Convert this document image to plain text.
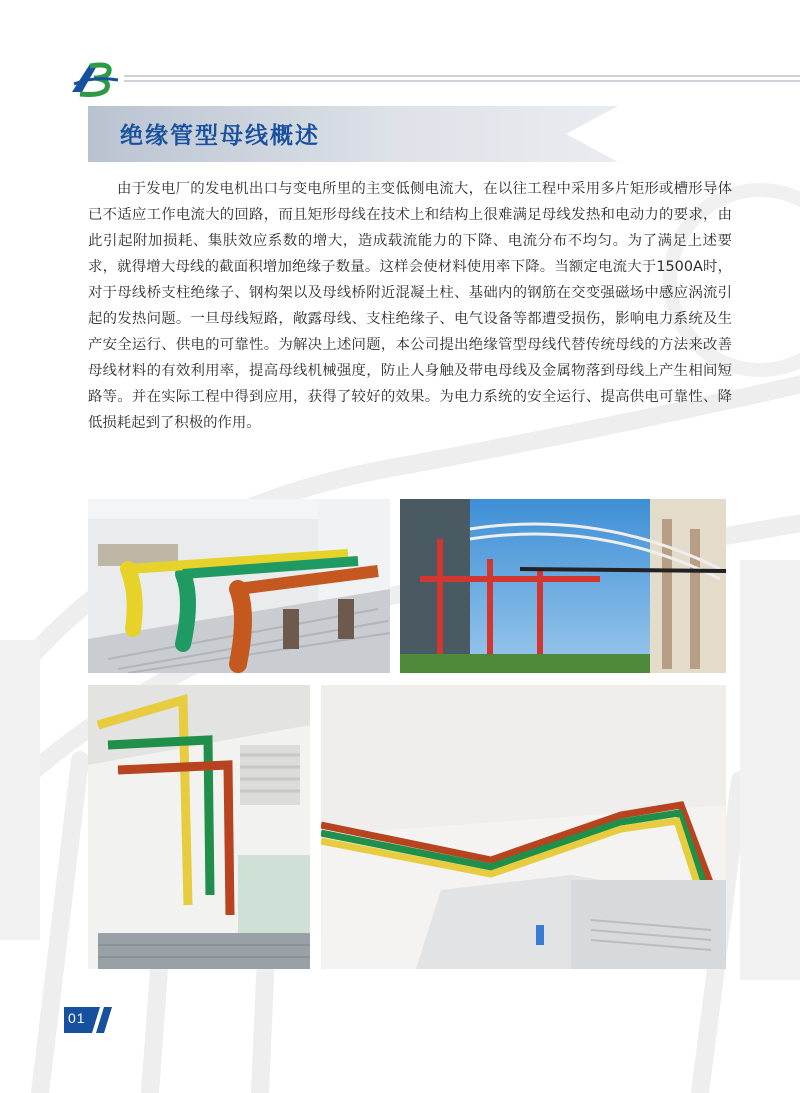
绝缘管型母线概述

由于发电厂的发电机出口与变电所里的主变低侧电流大，在以往工程中采用多片矩形或槽形导体已不适应工作电流大的回路，而且矩形母线在技术上和结构上很难满足母线发热和电动力的要求，由此引起附加损耗、集肤效应系数的增大，造成载流能力的下降、电流分布不均匀。为了满足上述要求，就得增大母线的截面积增加绝缘子数量。这样会使材料使用率下降。当额定电流大于1500A时，对于母线桥支柱绝缘子、钢构架以及母线桥附近混凝土柱、基础内的钢筋在交变强磁场中感应涡流引起的发热问题。一旦母线短路，敞露母线、支柱绝缘子、电气设备等都遭受损伤，影响电力系统及生产安全运行、供电的可靠性。为解决上述问题，本公司提出绝缘管型母线代替传统母线的方法来改善母线材料的有效利用率，提高母线机械强度，防止人身触及带电母线及金属物落到母线上产生相间短路等。并在实际工程中得到应用，获得了较好的效果。为电力系统的安全运行、提高供电可靠性、降低损耗起到了积极的作用。

01
